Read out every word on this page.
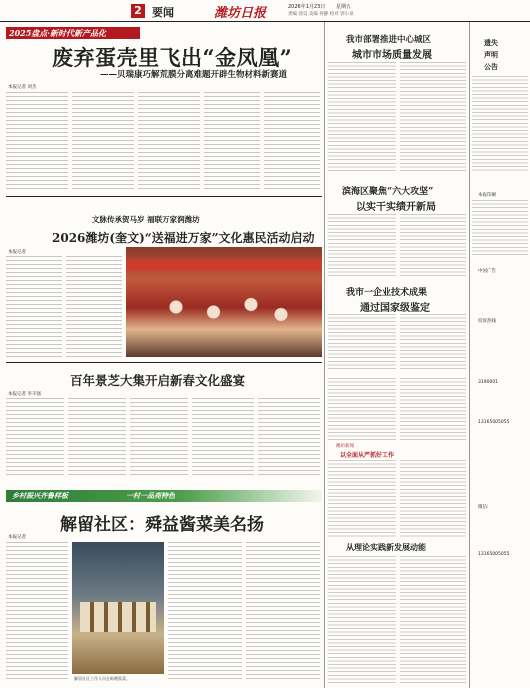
2 要闻	潍坊日报	2026年1月23日 星期五
责编 徐昊 美编 何静 校对 郭小泉
2025盘点·新时代新产品化
废弃蛋壳里飞出“金凤凰”
——贝瑞康巧解荒膜分离难题开辟生物材料新赛道
本报记者 刘杰
文脉传承贺马岁 福联万家润潍坊
2026潍坊(奎文)“送福进万家”文化惠民活动启动
本报记者
百年景芝大集开启新春文化盛宴
本报记者 李辛强
乡村振兴齐鲁样板	一村一品亮特色
解留社区：舜益酱菜美名扬
本报记者
解留社区工作人员在晾晒酱菜。
我市部署推进中心城区
城市市场质量发展
滨海区聚焦“六大攻坚”
以实干实绩开新局
我市一企业技术成果
通过国家级鉴定
潍坊新闻
以全面从严抓好工作
从理论实践新发展动能
遗失
声明
公告
本报印刷
中国广告
投诉热线
3190001
13165005055
微信:
13165005055
